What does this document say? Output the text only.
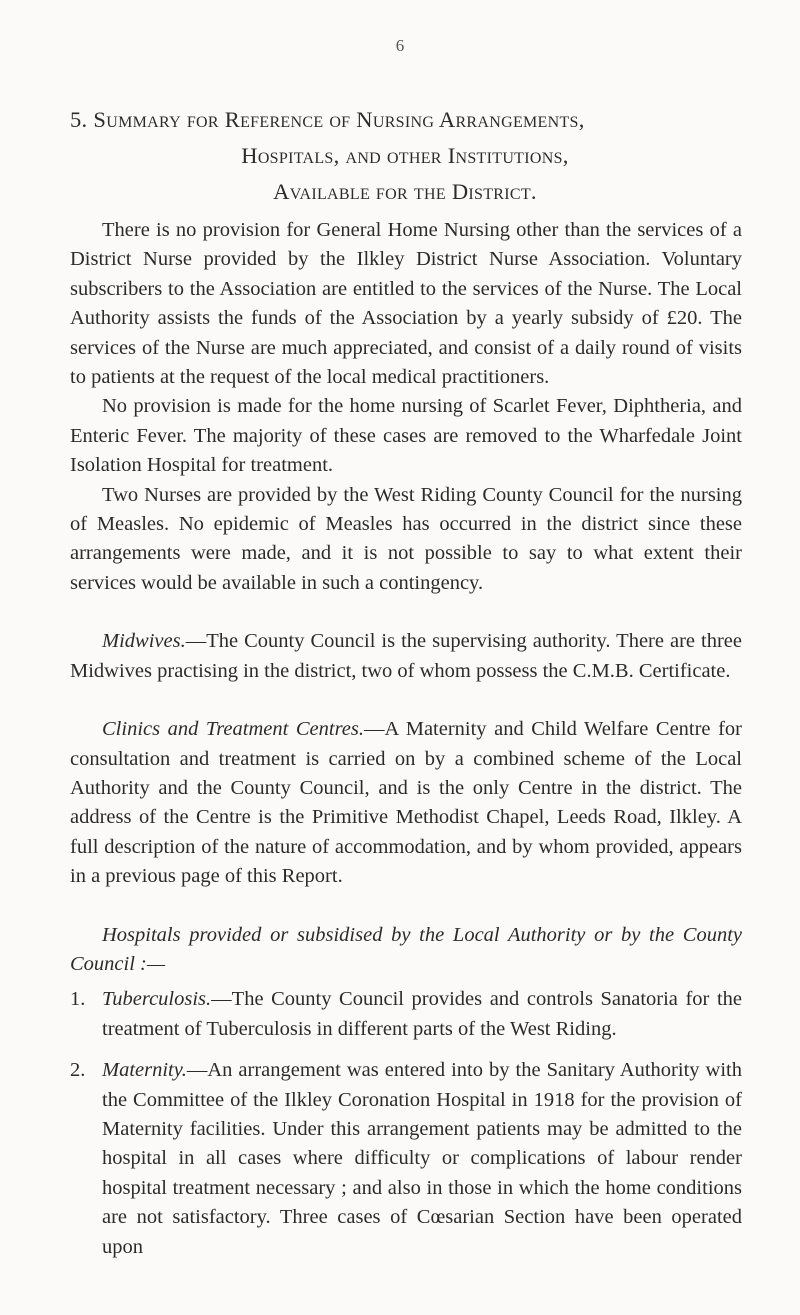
6
5. Summary for Reference of Nursing Arrangements,
Hospitals, and other Institutions,
Available for the District.

There is no provision for General Home Nursing other than the services of a District Nurse provided by the Ilkley District Nurse Association. Voluntary subscribers to the Association are entitled to the services of the Nurse. The Local Authority assists the funds of the Association by a yearly subsidy of £20. The services of the Nurse are much appreciated, and consist of a daily round of visits to patients at the request of the local medical practitioners.

No provision is made for the home nursing of Scarlet Fever, Diphtheria, and Enteric Fever. The majority of these cases are removed to the Wharfedale Joint Isolation Hospital for treatment.

Two Nurses are provided by the West Riding County Council for the nursing of Measles. No epidemic of Measles has occurred in the district since these arrangements were made, and it is not possible to say to what extent their services would be available in such a contingency.

Midwives.—The County Council is the supervising authority. There are three Midwives practising in the district, two of whom possess the C.M.B. Certificate.

Clinics and Treatment Centres.—A Maternity and Child Welfare Centre for consultation and treatment is carried on by a combined scheme of the Local Authority and the County Council, and is the only Centre in the district. The address of the Centre is the Primitive Methodist Chapel, Leeds Road, Ilkley. A full description of the nature of accommodation, and by whom provided, appears in a previous page of this Report.

Hospitals provided or subsidised by the Local Authority or by the County Council :—

1. Tuberculosis.—The County Council provides and controls Sanatoria for the treatment of Tuberculosis in different parts of the West Riding.
2. Maternity.—An arrangement was entered into by the Sanitary Authority with the Committee of the Ilkley Coronation Hospital in 1918 for the provision of Maternity facilities. Under this arrangement patients may be admitted to the hospital in all cases where difficulty or complications of labour render hospital treatment necessary ; and also in those in which the home conditions are not satisfactory. Three cases of Cœsarian Section have been operated upon
